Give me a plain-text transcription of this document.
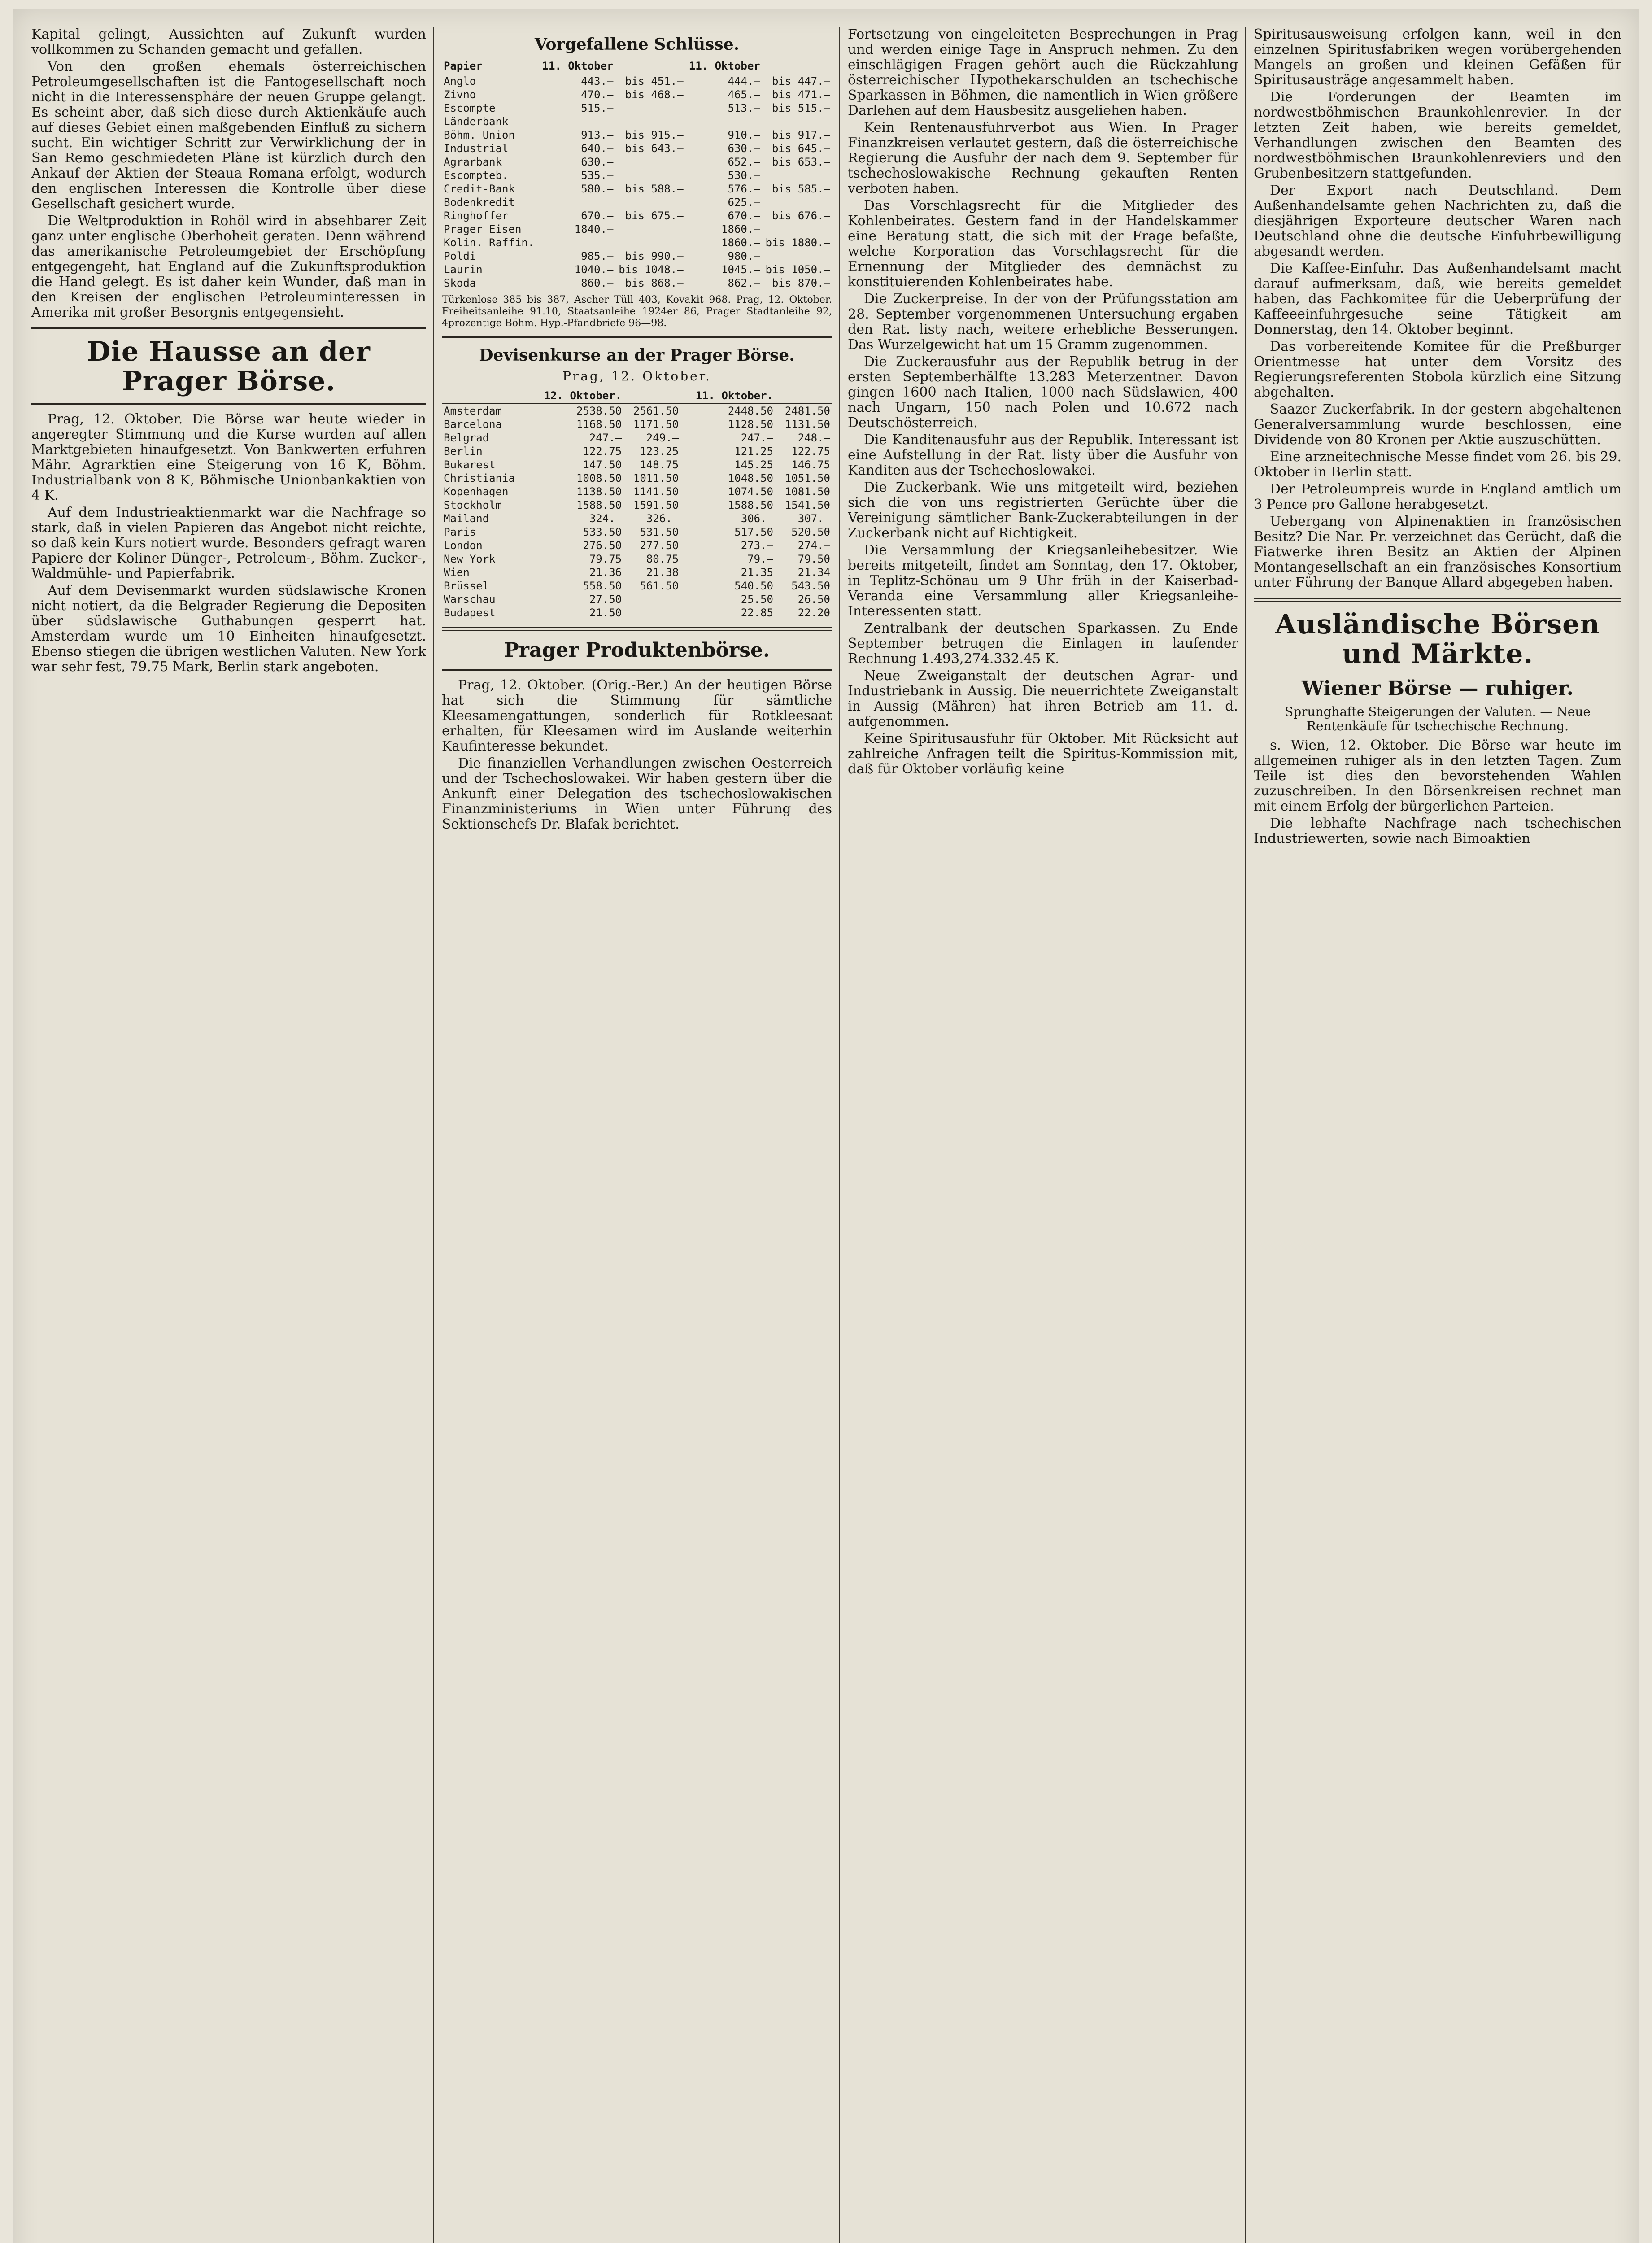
Kapital gelingt, Aussichten auf Zukunft wurden vollkommen zu Schanden gemacht und gefallen.

Von den großen ehemals österreichischen Petroleumgesellschaften ist die Fantogesellschaft noch nicht in die Interessensphäre der neuen Gruppe gelangt. Es scheint aber, daß sich diese durch Aktienkäufe auch auf dieses Gebiet einen maßgebenden Einfluß zu sichern sucht. Ein wichtiger Schritt zur Verwirklichung der in San Remo geschmiedeten Pläne ist kürzlich durch den Ankauf der Aktien der Steaua Romana erfolgt, wodurch den englischen Interessen die Kontrolle über diese Gesellschaft gesichert wurde.

Die Weltproduktion in Rohöl wird in absehbarer Zeit ganz unter englische Oberhoheit geraten. Denn während das amerikanische Petroleumgebiet der Erschöpfung entgegengeht, hat England auf die Zukunftsproduktion die Hand gelegt. Es ist daher kein Wunder, daß man in den Kreisen der englischen Petroleuminteressen in Amerika mit großer Besorgnis entgegensieht.

Die Hausse an der Prager Börse.

Prag, 12. Oktober. Die Börse war heute wieder in angeregter Stimmung und die Kurse wurden auf allen Marktgebieten hinaufgesetzt. Von Bankwerten erfuhren Mähr. Agrarktien eine Steigerung von 16 K, Böhm. Industrialbank von 8 K, Böhmische Unionbankaktien von 4 K.

Auf dem Industrieaktienmarkt war die Nachfrage so stark, daß in vielen Papieren das Angebot nicht reichte, so daß kein Kurs notiert wurde. Besonders gefragt waren Papiere der Koliner Dünger-, Petroleum-, Böhm. Zucker-, Waldmühle- und Papierfabrik.

Auf dem Devisenmarkt wurden südslawische Kronen nicht notiert, da die Belgrader Regierung die Depositen über südslawische Guthabungen gesperrt hat. Amsterdam wurde um 10 Einheiten hinaufgesetzt. Ebenso stiegen die übrigen westlichen Valuten. New York war sehr fest, 79.75 Mark, Berlin stark angeboten.

Vorgefallene Schlüsse.
Papier	11. Oktober		11. Oktober	
Anglo	443.—	bis 451.—	444.—	bis 447.—
Zivno	470.—	bis 468.—	465.—	bis 471.—
Escompte	515.—		513.—	bis 515.—
Länderbank				
Böhm. Union	913.—	bis 915.—	910.—	bis 917.—
Industrial	640.—	bis 643.—	630.—	bis 645.—
Agrarbank	630.—		652.—	bis 653.—
Escompteb.	535.—		530.—	
Credit-Bank	580.—	bis 588.—	576.—	bis 585.—
Bodenkredit			625.—	
Ringhoffer	670.—	bis 675.—	670.—	bis 676.—
Prager Eisen	1840.—		1860.—	
Kolin. Raffin.			1860.—	bis 1880.—
Poldi	985.—	bis 990.—	980.—	
Laurin	1040.—	bis 1048.—	1045.—	bis 1050.—
Skoda	860.—	bis 868.—	862.—	bis 870.—

Türkenlose 385 bis 387, Ascher Tüll 403, Kovakit 968. Prag, 12. Oktober. Freiheitsanleihe 91.10, Staatsanleihe 1924er 86, Prager Stadtanleihe 92, 4prozentige Böhm. Hyp.-Pfandbriefe 96—98.

Devisenkurse an der Prager Börse.
Prag, 12. Oktober.
	12. Oktober.		11. Oktober.	
Amsterdam	2538.50	2561.50	2448.50	2481.50
Barcelona	1168.50	1171.50	1128.50	1131.50
Belgrad	247.—	249.—	247.—	248.—
Berlin	122.75	123.25	121.25	122.75
Bukarest	147.50	148.75	145.25	146.75
Christiania	1008.50	1011.50	1048.50	1051.50
Kopenhagen	1138.50	1141.50	1074.50	1081.50
Stockholm	1588.50	1591.50	1588.50	1541.50
Mailand	324.—	326.—	306.—	307.—
Paris	533.50	531.50	517.50	520.50
London	276.50	277.50	273.—	274.—
New York	79.75	80.75	79.—	79.50
Wien	21.36	21.38	21.35	21.34
Brüssel	558.50	561.50	540.50	543.50
Warschau	27.50		25.50	26.50
Budapest	21.50		22.85	22.20
Prager Produktenbörse.

Prag, 12. Oktober. (Orig.-Ber.) An der heutigen Börse hat sich die Stimmung für sämtliche Kleesamengattungen, sonderlich für Rotkleesaat erhalten, für Kleesamen wird im Auslande weiterhin Kaufinteresse bekundet.

Die finanziellen Verhandlungen zwischen Oesterreich und der Tschechoslowakei. Wir haben gestern über die Ankunft einer Delegation des tschechoslowakischen Finanzministeriums in Wien unter Führung des Sektionschefs Dr. Blafak berichtet.

Fortsetzung von eingeleiteten Besprechungen in Prag und werden einige Tage in Anspruch nehmen. Zu den einschlägigen Fragen gehört auch die Rückzahlung österreichischer Hypothekarschulden an tschechische Sparkassen in Böhmen, die namentlich in Wien größere Darlehen auf dem Hausbesitz ausgeliehen haben.

Kein Rentenausfuhrverbot aus Wien. In Prager Finanzkreisen verlautet gestern, daß die österreichische Regierung die Ausfuhr der nach dem 9. September für tschechoslowakische Rechnung gekauften Renten verboten haben.

Das Vorschlagsrecht für die Mitglieder des Kohlenbeirates. Gestern fand in der Handelskammer eine Beratung statt, die sich mit der Frage befaßte, welche Korporation das Vorschlagsrecht für die Ernennung der Mitglieder des demnächst zu konstituierenden Kohlenbeirates habe.

Die Zuckerpreise. In der von der Prüfungsstation am 28. September vorgenommenen Untersuchung ergaben den Rat. listy nach, weitere erhebliche Besserungen. Das Wurzelgewicht hat um 15 Gramm zugenommen.

Die Zuckerausfuhr aus der Republik betrug in der ersten Septemberhälfte 13.283 Meterzentner. Davon gingen 1600 nach Italien, 1000 nach Südslawien, 400 nach Ungarn, 150 nach Polen und 10.672 nach Deutschösterreich.

Die Kanditenausfuhr aus der Republik. Interessant ist eine Aufstellung in der Rat. listy über die Ausfuhr von Kanditen aus der Tschechoslowakei.

Die Zuckerbank. Wie uns mitgeteilt wird, beziehen sich die von uns registrierten Gerüchte über die Vereinigung sämtlicher Bank-Zuckerabteilungen in der Zuckerbank nicht auf Richtigkeit.

Die Versammlung der Kriegsanleihebesitzer. Wie bereits mitgeteilt, findet am Sonntag, den 17. Oktober, in Teplitz-Schönau um 9 Uhr früh in der Kaiserbad-Veranda eine Versammlung aller Kriegsanleihe-Interessenten statt.

Zentralbank der deutschen Sparkassen. Zu Ende September betrugen die Einlagen in laufender Rechnung 1.493,274.332.45 K.

Neue Zweiganstalt der deutschen Agrar- und Industriebank in Aussig. Die neuerrichtete Zweiganstalt in Aussig (Mähren) hat ihren Betrieb am 11. d. aufgenommen.

Keine Spiritusausfuhr für Oktober. Mit Rücksicht auf zahlreiche Anfragen teilt die Spiritus-Kommission mit, daß für Oktober vorläufig keine

Spiritusausweisung erfolgen kann, weil in den einzelnen Spiritusfabriken wegen vorübergehenden Mangels an großen und kleinen Gefäßen für Spiritusausträge angesammelt haben.

Die Forderungen der Beamten im nordwestböhmischen Braunkohlenrevier. In der letzten Zeit haben, wie bereits gemeldet, Verhandlungen zwischen den Beamten des nordwestböhmischen Braunkohlenreviers und den Grubenbesitzern stattgefunden.

Der Export nach Deutschland. Dem Außenhandelsamte gehen Nachrichten zu, daß die diesjährigen Exporteure deutscher Waren nach Deutschland ohne die deutsche Einfuhrbewilligung abgesandt werden.

Die Kaffee-Einfuhr. Das Außenhandelsamt macht darauf aufmerksam, daß, wie bereits gemeldet haben, das Fachkomitee für die Ueberprüfung der Kaffeeeinfuhrgesuche seine Tätigkeit am Donnerstag, den 14. Oktober beginnt.

Das vorbereitende Komitee für die Preßburger Orientmesse hat unter dem Vorsitz des Regierungsreferenten Stobola kürzlich eine Sitzung abgehalten.

Saazer Zuckerfabrik. In der gestern abgehaltenen Generalversammlung wurde beschlossen, eine Dividende von 80 Kronen per Aktie auszuschütten.

Eine arzneitechnische Messe findet vom 26. bis 29. Oktober in Berlin statt.

Der Petroleumpreis wurde in England amtlich um 3 Pence pro Gallone herabgesetzt.

Uebergang von Alpinenaktien in französischen Besitz? Die Nar. Pr. verzeichnet das Gerücht, daß die Fiatwerke ihren Besitz an Aktien der Alpinen Montangesellschaft an ein französisches Konsortium unter Führung der Banque Allard abgegeben haben.

Ausländische Börsen und Märkte.
Wiener Börse — ruhiger.
Sprunghafte Steigerungen der Valuten. — Neue Rentenkäufe für tschechische Rechnung.

s. Wien, 12. Oktober. Die Börse war heute im allgemeinen ruhiger als in den letzten Tagen. Zum Teile ist dies den bevorstehenden Wahlen zuzuschreiben. In den Börsenkreisen rechnet man mit einem Erfolg der bürgerlichen Parteien.

Die lebhafte Nachfrage nach tschechischen Industriewerten, sowie nach Bimoaktien
